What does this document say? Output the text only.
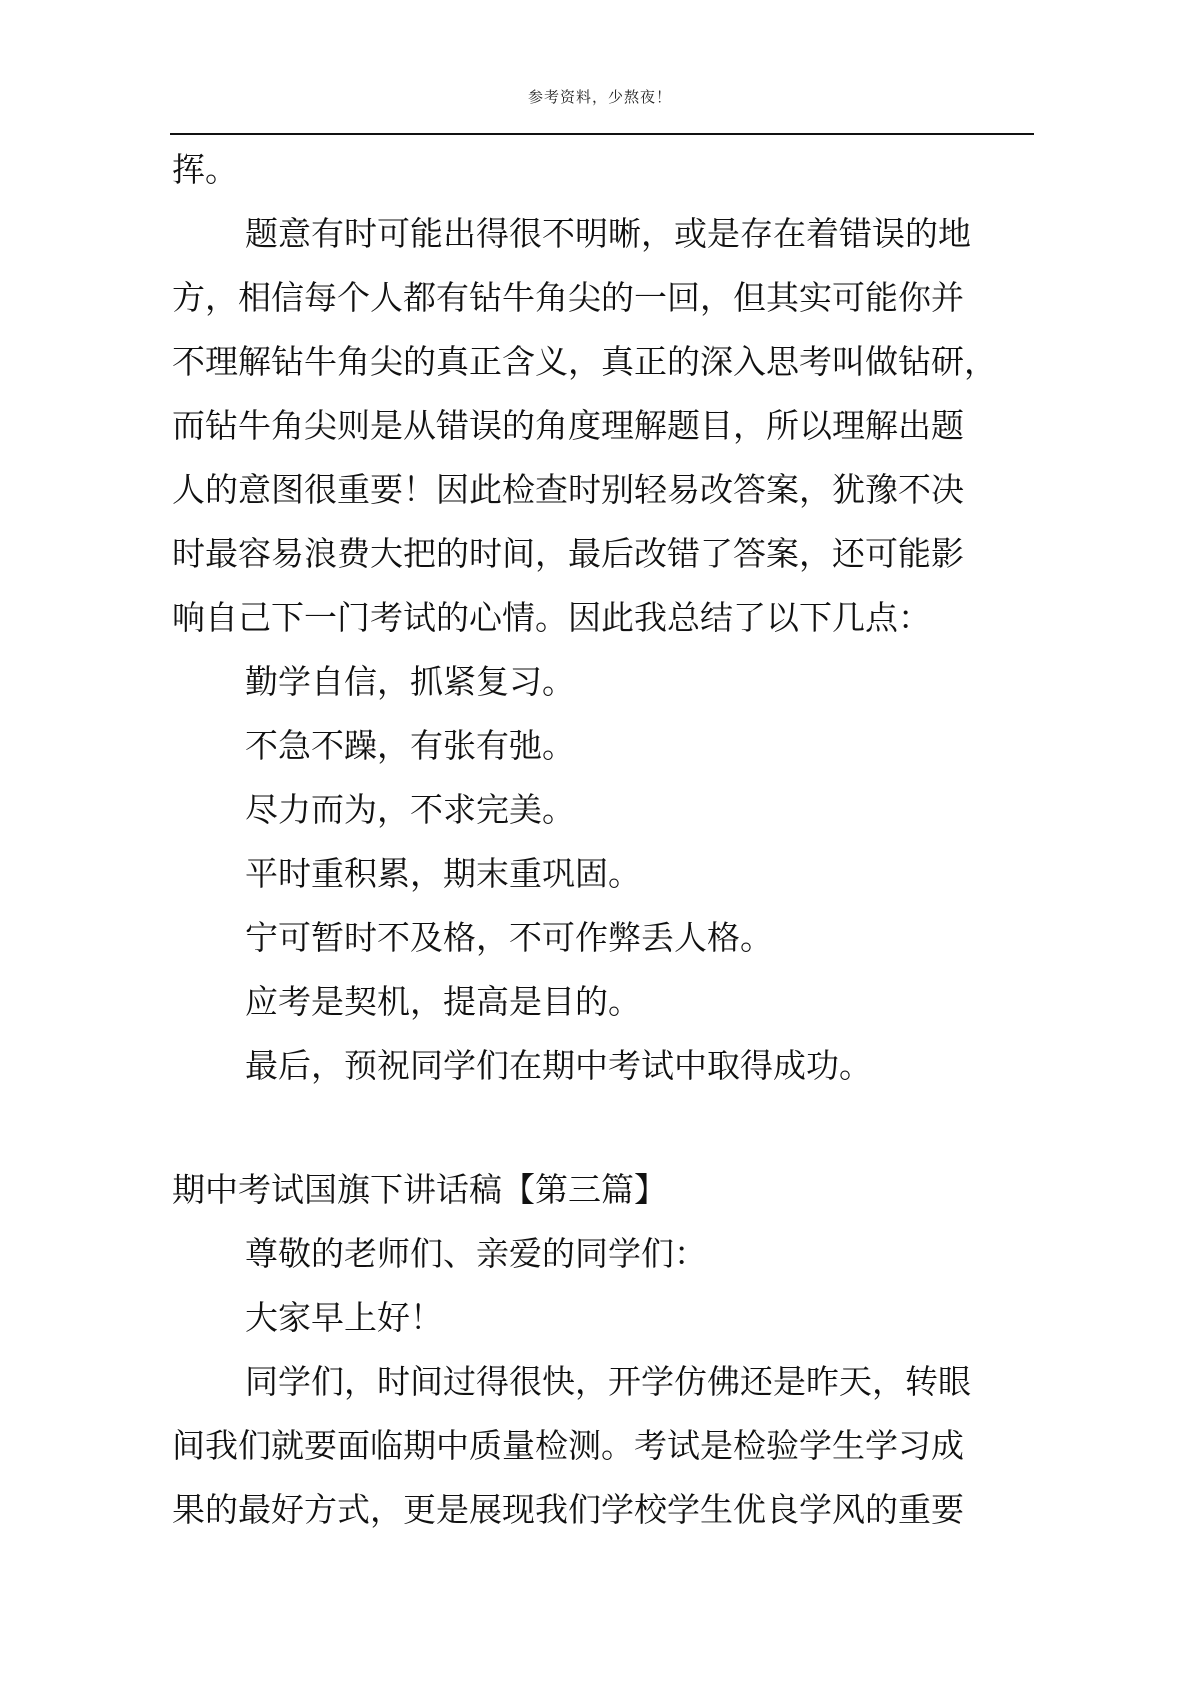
参考资料，少熬夜！
挥。
题意有时可能出得很不明晰，或是存在着错误的地
方，相信每个人都有钻牛角尖的一回，但其实可能你并
不理解钻牛角尖的真正含义，真正的深入思考叫做钻研，
而钻牛角尖则是从错误的角度理解题目，所以理解出题
人的意图很重要！因此检查时别轻易改答案，犹豫不决
时最容易浪费大把的时间，最后改错了答案，还可能影
响自己下一门考试的心情。因此我总结了以下几点：
勤学自信，抓紧复习。
不急不躁，有张有弛。
尽力而为，不求完美。
平时重积累，期末重巩固。
宁可暂时不及格，不可作弊丢人格。
应考是契机，提高是目的。
最后，预祝同学们在期中考试中取得成功。
期中考试国旗下讲话稿【第三篇】
尊敬的老师们、亲爱的同学们：
大家早上好！
同学们，时间过得很快，开学仿佛还是昨天，转眼
间我们就要面临期中质量检测。考试是检验学生学习成
果的最好方式，更是展现我们学校学生优良学风的重要
